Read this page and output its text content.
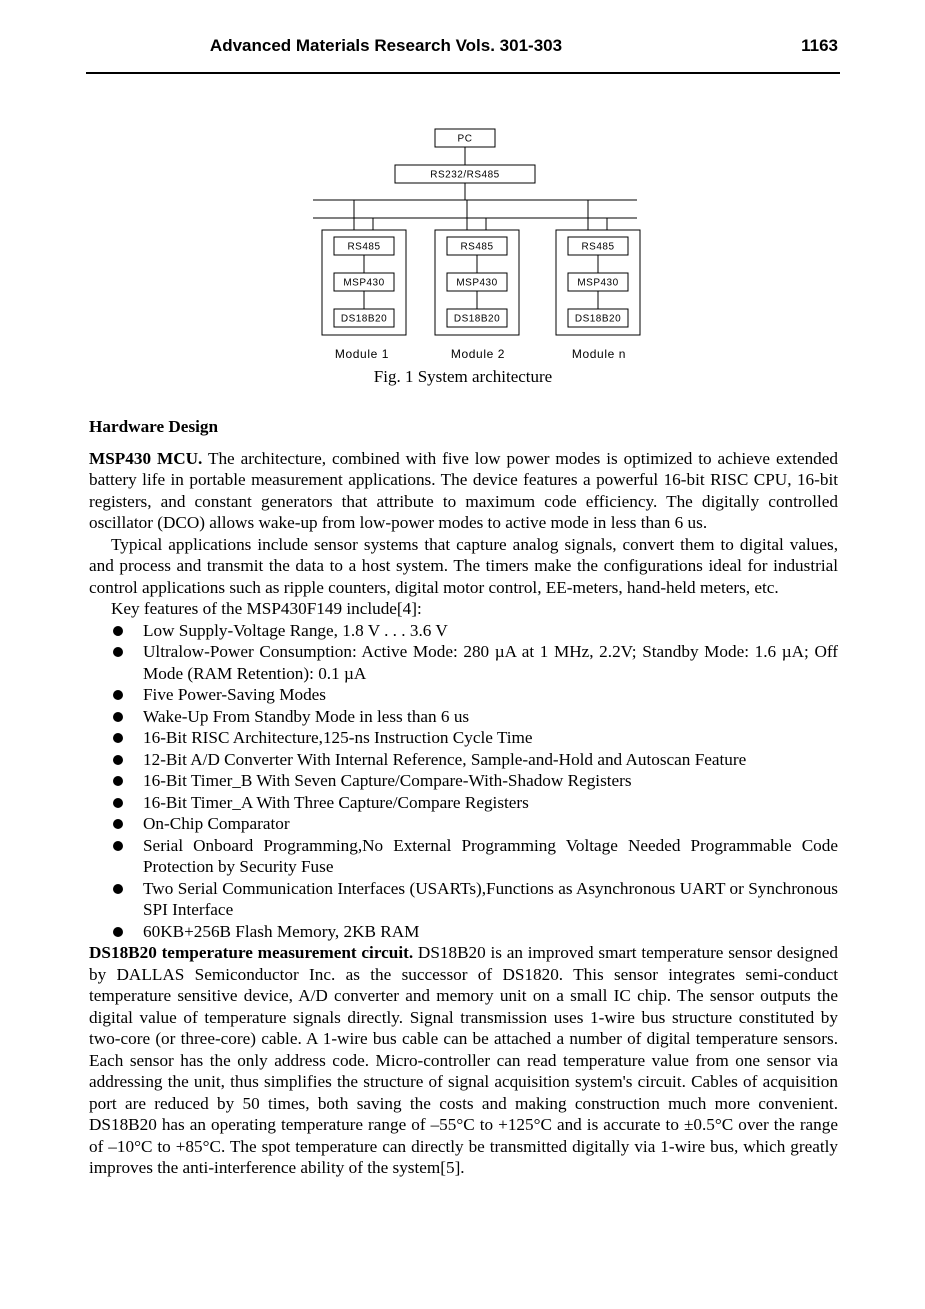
Advanced Materials Research Vols. 301-303	1163
PC
RS232/RS485
RS485
MSP430
DS18B20
RS485
MSP430
DS18B20
RS485
MSP430
DS18B20
Module 1	Module 2	Module n
Fig. 1 System architecture

Hardware Design

MSP430 MCU. The architecture, combined with five low power modes is optimized to achieve extended battery life in portable measurement applications. The device features a powerful 16-bit RISC CPU, 16-bit registers, and constant generators that attribute to maximum code efficiency. The digitally controlled oscillator (DCO) allows wake-up from low-power modes to active mode in less than 6 us.

Typical applications include sensor systems that capture analog signals, convert them to digital values, and process and transmit the data to a host system. The timers make the configurations ideal for industrial control applications such as ripple counters, digital motor control, EE-meters, hand-held meters, etc.

Key features of the MSP430F149 include[4]:

Low Supply-Voltage Range, 1.8 V . . . 3.6 V
Ultralow-Power Consumption: Active Mode: 280 µA at 1 MHz, 2.2V; Standby Mode: 1.6 µA; Off Mode (RAM Retention): 0.1 µA
Five Power-Saving Modes
Wake-Up From Standby Mode in less than 6 us
16-Bit RISC Architecture,125-ns Instruction Cycle Time
12-Bit A/D Converter With Internal Reference, Sample-and-Hold and Autoscan Feature
16-Bit Timer_B With Seven Capture/Compare-With-Shadow Registers
16-Bit Timer_A With Three Capture/Compare Registers
On-Chip Comparator
Serial Onboard Programming,No External Programming Voltage Needed Programmable Code Protection by Security Fuse
Two Serial Communication Interfaces (USARTs),Functions as Asynchronous UART or Synchronous SPI Interface
60KB+256B Flash Memory, 2KB RAM

DS18B20 temperature measurement circuit. DS18B20 is an improved smart temperature sensor designed by DALLAS Semiconductor Inc. as the successor of DS1820. This sensor integrates semi-conduct temperature sensitive device, A/D converter and memory unit on a small IC chip. The sensor outputs the digital value of temperature signals directly. Signal transmission uses 1-wire bus structure constituted by two-core (or three-core) cable. A 1-wire bus cable can be attached a number of digital temperature sensors. Each sensor has the only address code. Micro-controller can read temperature value from one sensor via addressing the unit, thus simplifies the structure of signal acquisition system's circuit. Cables of acquisition port are reduced by 50 times, both saving the costs and making construction much more convenient. DS18B20 has an operating temperature range of –55°C to +125°C and is accurate to ±0.5°C over the range of –10°C to +85°C. The spot temperature can directly be transmitted digitally via 1-wire bus, which greatly improves the anti-interference ability of the system[5].
